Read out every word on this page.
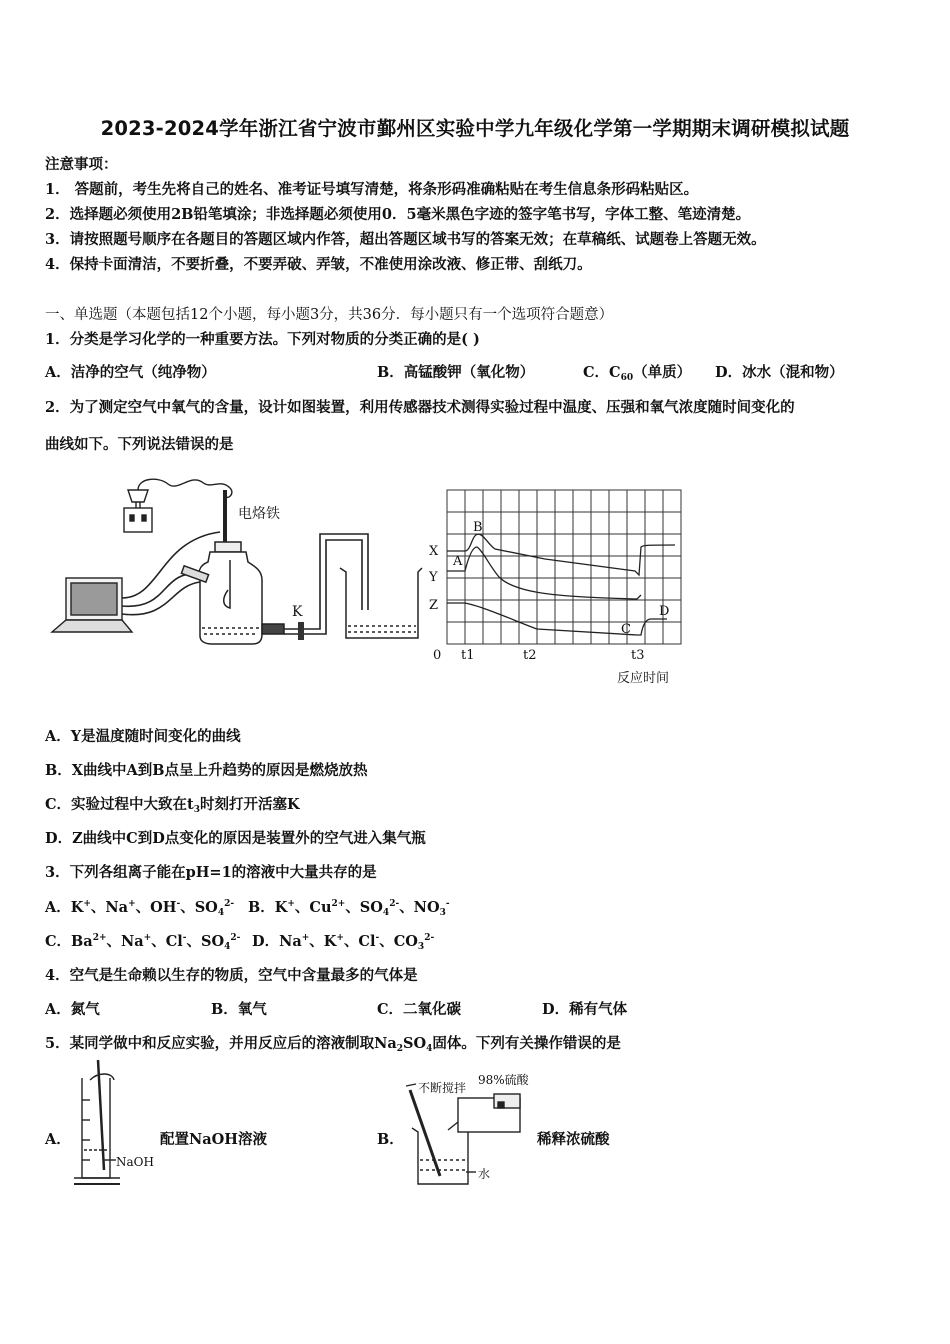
2023-2024学年浙江省宁波市鄞州区实验中学九年级化学第一学期期末调研模拟试题
注意事项：
1． 答题前，考生先将自己的姓名、准考证号填写清楚，将条形码准确粘贴在考生信息条形码粘贴区。
2．选择题必须使用2B铅笔填涂；非选择题必须使用0．5毫米黑色字迹的签字笔书写，字体工整、笔迹清楚。
3．请按照题号顺序在各题目的答题区域内作答，超出答题区域书写的答案无效；在草稿纸、试题卷上答题无效。
4．保持卡面清洁，不要折叠，不要弄破、弄皱，不准使用涂改液、修正带、刮纸刀。
一、单选题（本题包括12个小题，每小题3分，共36分．每小题只有一个选项符合题意）
1．分类是学习化学的一种重要方法。下列对物质的分类正确的是( )
A．洁净的空气（纯净物）	B．高锰酸钾（氧化物）	C．$C_{60}$（单质） D．冰水（混和物）
2．为了测定空气中氧气的含量，设计如图装置，利用传感器技术测得实验过程中温度、压强和氧气浓度随时间变化的
曲线如下。下列说法错误的是
电烙铁
K
X
Y
Z
A
B
C
D
0 t1	t2	t3
反应时间
A．Y是温度随时间变化的曲线
B．X曲线中A到B点呈上升趋势的原因是燃烧放热
C．实验过程中大致在$t_3$时刻打开活塞K
D．Z曲线中C到D点变化的原因是装置外的空气进入集气瓶
3．下列各组离子能在pH=1的溶液中大量共存的是
A．K+、Na+、OH-、$SO_4^{2-}$ B．K+、$Cu^{2+}$、$SO_4^{2-}$、$NO_3^-$
C．$Ba^{2+}$、Na+、Cl-、$SO_4^{2-}$ D．Na+、K+、Cl-、$CO_3^{2-}$
4．空气是生命赖以生存的物质，空气中含量最多的气体是
A．氮气	B．氧气	C．二氧化碳	D．稀有气体
5．某同学做中和反应实验，并用反应后的溶液制取$Na_2SO_4$固体。下列有关操作错误的是
A．
NaOH
配置NaOH溶液	B．
不断搅拌
98%硫酸
水
稀释浓硫酸
